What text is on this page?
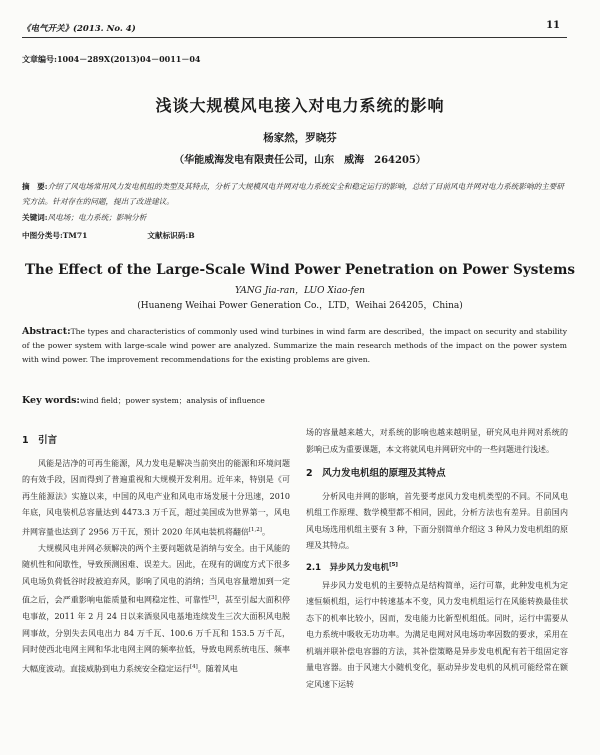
《电气开关》(2013. No. 4)	11
文章编号:1004－289X(2013)04－0011－04
浅谈大规模风电接入对电力系统的影响
杨家然，罗晓芬
（华能威海发电有限责任公司，山东　威海　264205）
摘　要:介绍了风电场常用风力发电机组的类型及其特点，分析了大规模风电并网对电力系统安全和稳定运行的影响，总结了目前风电并网对电力系统影响的主要研究方法。针对存在的问题，提出了改进建议。
关键词:风电场；电力系统；影响分析
中图分类号:TM71	文献标识码:B
The Effect of the Large-Scale Wind Power Penetration on Power Systems
YANG Jia-ran，LUO Xiao-fen
(Huaneng Weihai Power Generation Co.，LTD，Weihai 264205，China)
Abstract:The types and characteristics of commonly used wind turbines in wind farm are described，the impact on security and stability of the power system with large-scale wind power are analyzed. Summarize the main research methods of the impact on the power system with wind power. The improvement recommendations for the existing problems are given.
Key words:wind field；power system；analysis of influence
1　引言

风能是洁净的可再生能源，风力发电是解决当前突出的能源和环境问题的有效手段，因而得到了普遍重视和大规模开发利用。近年来，特别是《可再生能源法》实施以来，中国的风电产业和风电市场发展十分迅速，2010 年底，风电装机总容量达到 4473.3 万千瓦，超过美国成为世界第一，风电并网容量也达到了 2956 万千瓦，预计 2020 年风电装机将翻倍[1,2]。

大规模风电并网必须解决的两个主要问题就是消纳与安全。由于风能的随机性和间歇性，导致预测困难、误差大。因此，在现有的调度方式下很多风电场负荷低谷时段被迫弃风，影响了风电的消纳；当风电容量增加到一定值之后，会严重影响电能质量和电网稳定性、可靠性[3]，甚至引起大面积停电事故，2011 年 2 月 24 日以来酒泉风电基地连续发生三次大面积风电脱网事故，分别失去风电出力 84 万千瓦、100.6 万千瓦和 153.5 万千瓦，同时使西北电网主网和华北电网主网的频率拉低，导致电网系统电压、频率大幅度波动。直接威胁到电力系统安全稳定运行[4]。随着风电

场的容量越来越大，对系统的影响也越来越明显，研究风电并网对系统的影响已成为重要课题，本文将就风电并网研究中的一些问题进行浅述。

2　风力发电机组的原理及其特点

分析风电并网的影响，首先要考虑风力发电机类型的不同。不同风电机组工作原理、数学模型都不相同，因此，分析方法也有差异。目前国内风电场选用机组主要有 3 种，下面分别简单介绍这 3 种风力发电机组的原理及其特点。

2.1　异步风力发电机[5]

异步风力发电机的主要特点是结构简单，运行可靠，此种发电机为定速恒频机组，运行中转速基本不变，风力发电机组运行在风能转换最佳状态下的机率比较小，因而，发电能力比新型机组低。同时，运行中需要从电力系统中吸收无功功率。为满足电网对风电场功率因数的要求，采用在机端并联补偿电容器的方法，其补偿策略是异步发电机配有若干组固定容量电容器。由于风速大小随机变化，驱动异步发电机的风机可能经常在额定风速下运转
